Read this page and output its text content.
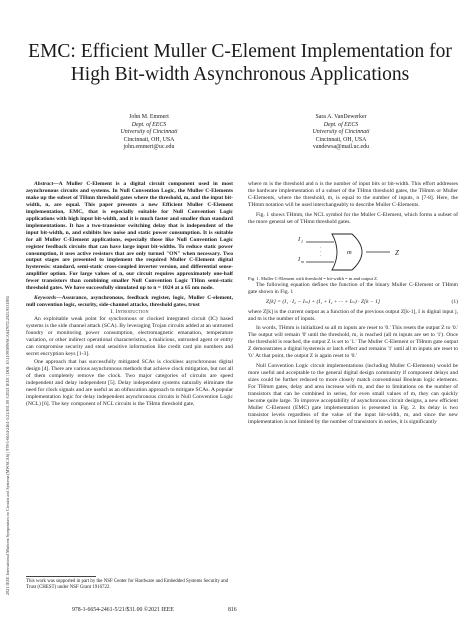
2021 IEEE International Midwest Symposium on Circuits and Systems (MWSCAS) | 978-1-6654-2461-5/21/$31.00 ©2021 IEEE | DOI: 10.1109/MWSCAS47672.2021.9531894
EMC: Efficient Muller C-Element Implementation for High Bit-width Asynchronous Applications
John M. Emmert
Dept. of EECS
University of Cincinnati
Cincinnati, OH, USA
john.emmert@uc.edu
Sara A. VanDewerker
Dept. of EECS
University of Cincinnati
Cincinnati, OH, USA
vandewsa@mail.uc.edu

Abstract—A Muller C-Element is a digital circuit component used in most asynchronous circuits and systems. In Null Convention Logic, the Muller C-Elements make up the subset of THmn threshold gates where the threshold, m, and the input bit-width, n, are equal. This paper presents a new Efficient Muller C-Element implementation, EMC, that is especially suitable for Null Convention Logic applications with high input bit-width, and it is much faster and smaller than standard implementations. It has a two-transistor switching delay that is independent of the input bit-width, n, and exhibits low noise and static power consumption. It is suitable for all Muller C-Element applications, especially those like Null Convention Logic register feedback circuits that can have large input bit-widths. To reduce static power consumption, it uses active resistors that are only turned "ON" when necessary. Two output stages are presented to implement the required Muller C-Element digital hysteresis: standard, semi-static cross-coupled inverter version, and differential sense-amplifier option. For large values of n, our circuit requires approximately one-half fewer transistors than combining smaller Null Convention Logic THnn semi-static threshold gates. We have successfully simulated up to n = 1024 at a 65 nm node.

Keywords—Assurance, asynchronous, feedback register, logic, Muller C-element, null convention logic, security, side-channel attacks, threshold gates, trust

I. Introduction

An exploitable weak point for synchronous or clocked integrated circuit (IC) based systems is the side channel attack (SCA). By leveraging Trojan circuits added at an untrusted foundry or monitoring power consumption, electromagnetic emanation, temperature variation, or other indirect operational characteristics, a malicious, untrusted agent or entity can compromise security and steal sensitive information like credit card pin numbers and secret encryption keys [1-3].

One approach that has successfully mitigated SCAs is clockless asynchronous digital design [4]. There are various asynchronous methods that achieve clock mitigation, but not all of them completely remove the clock. Two major categories of circuits are speed independent and delay independent [5]. Delay independent systems naturally eliminate the need for clock signals and are useful as an obfuscation approach to mitigate SCAs. A popular implementation logic for delay independent asynchronous circuits is Null Convention Logic (NCL) [6]. The key component of NCL circuits is the THmn threshold gate,

where m is the threshold and n is the number of input bits or bit-width. This effort addresses the hardware implementation of a subset of the THmn threshold gates, the THmm or Muller C-Elements, where the threshold, m, is equal to the number of inputs, n [7-8]. Here, the THmm notation will be used interchangeably to describe Muller C-Elements.

Fig. 1 shows THmm, the NCL symbol for the Muller C-Element, which forms a subset of the more general set of THmn threshold gates.

·
·
·
I 1
I m
m	Z

Fig. 1. Muller C-Element with threshold = bit-width = m and output Z.

The following equation defines the function of the binary Muller C-Element or THmm gate shown in Fig. 1

Z[k] = (I₁ · I₂ ··· Iₘ) + (I₁ + I₂ + ··· + Iₘ) · Z[k − 1]	(1)

where Z[k] is the current output as a function of the previous output Z[k-1], I is digital input j, and m is the number of inputs.

In words, THmm is initialized so all m inputs are reset to '0.' This resets the output Z to '0.' The output will remain '0' until the threshold, m, is reached (all m inputs are set to '1'). Once the threshold is reached, the output Z is set to '1.' The Muller C-Element or THmm gate output Z demonstrates a digital hysteresis or latch effect and remains '1' until all m inputs are reset to '0.' At that point, the output Z is again reset to '0.'

Null Convention Logic circuit implementations (including Muller C-Elements) would be more useful and acceptable to the general digital design community if component delays and sizes could be further reduced to more closely match conventional Boolean logic elements. For THmm gates, delay and area increase with m, and due to limitations on the number of transistors that can be combined in series, for even small values of m, they can quickly become quite large. To improve acceptability of asynchronous circuit designs, a new efficient Muller C-Element (EMC) gate implementation is presented in Fig. 2. Its delay is two transistor levels regardless of the value of the input bit-width, m, and since the new implementation is not limited by the number of transistors in series, it is significantly

This work was supported in part by the NSF Center for Hardware and Embedded Systems Security and Trust (CHEST) under NSF Grant 1916722.
978-1-6654-2461-5/21/$31.00 ©2021 IEEE	816
